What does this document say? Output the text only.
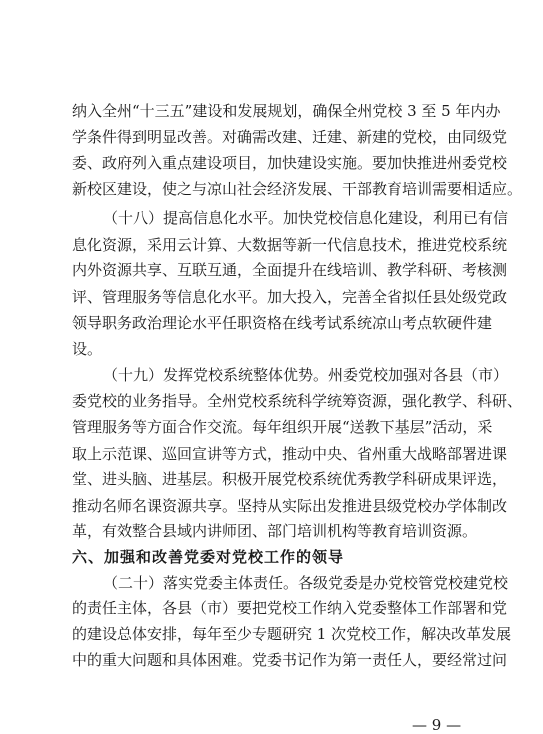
纳入全州“十三五”建设和发展规划，确保全州党校 3 至 5 年内办
学条件得到明显改善。对确需改建、迁建、新建的党校，由同级党
委、政府列入重点建设项目，加快建设实施。要加快推进州委党校
新校区建设，使之与凉山社会经济发展、干部教育培训需要相适应。
（十八）提高信息化水平。加快党校信息化建设，利用已有信
息化资源，采用云计算、大数据等新一代信息技术，推进党校系统
内外资源共享、互联互通，全面提升在线培训、教学科研、考核测
评、管理服务等信息化水平。加大投入，完善全省拟任县处级党政
领导职务政治理论水平任职资格在线考试系统凉山考点软硬件建
设。
（十九）发挥党校系统整体优势。州委党校加强对各县（市）
委党校的业务指导。全州党校系统科学统筹资源，强化教学、科研、
管理服务等方面合作交流。每年组织开展“送教下基层”活动，采
取上示范课、巡回宣讲等方式，推动中央、省州重大战略部署进课
堂、进头脑、进基层。积极开展党校系统优秀教学科研成果评选，
推动名师名课资源共享。坚持从实际出发推进县级党校办学体制改
革，有效整合县域内讲师团、部门培训机构等教育培训资源。
六、加强和改善党委对党校工作的领导
（二十）落实党委主体责任。各级党委是办党校管党校建党校
的责任主体，各县（市）要把党校工作纳入党委整体工作部署和党
的建设总体安排，每年至少专题研究 1 次党校工作，解决改革发展
中的重大问题和具体困难。党委书记作为第一责任人，要经常过问
— 9 —
